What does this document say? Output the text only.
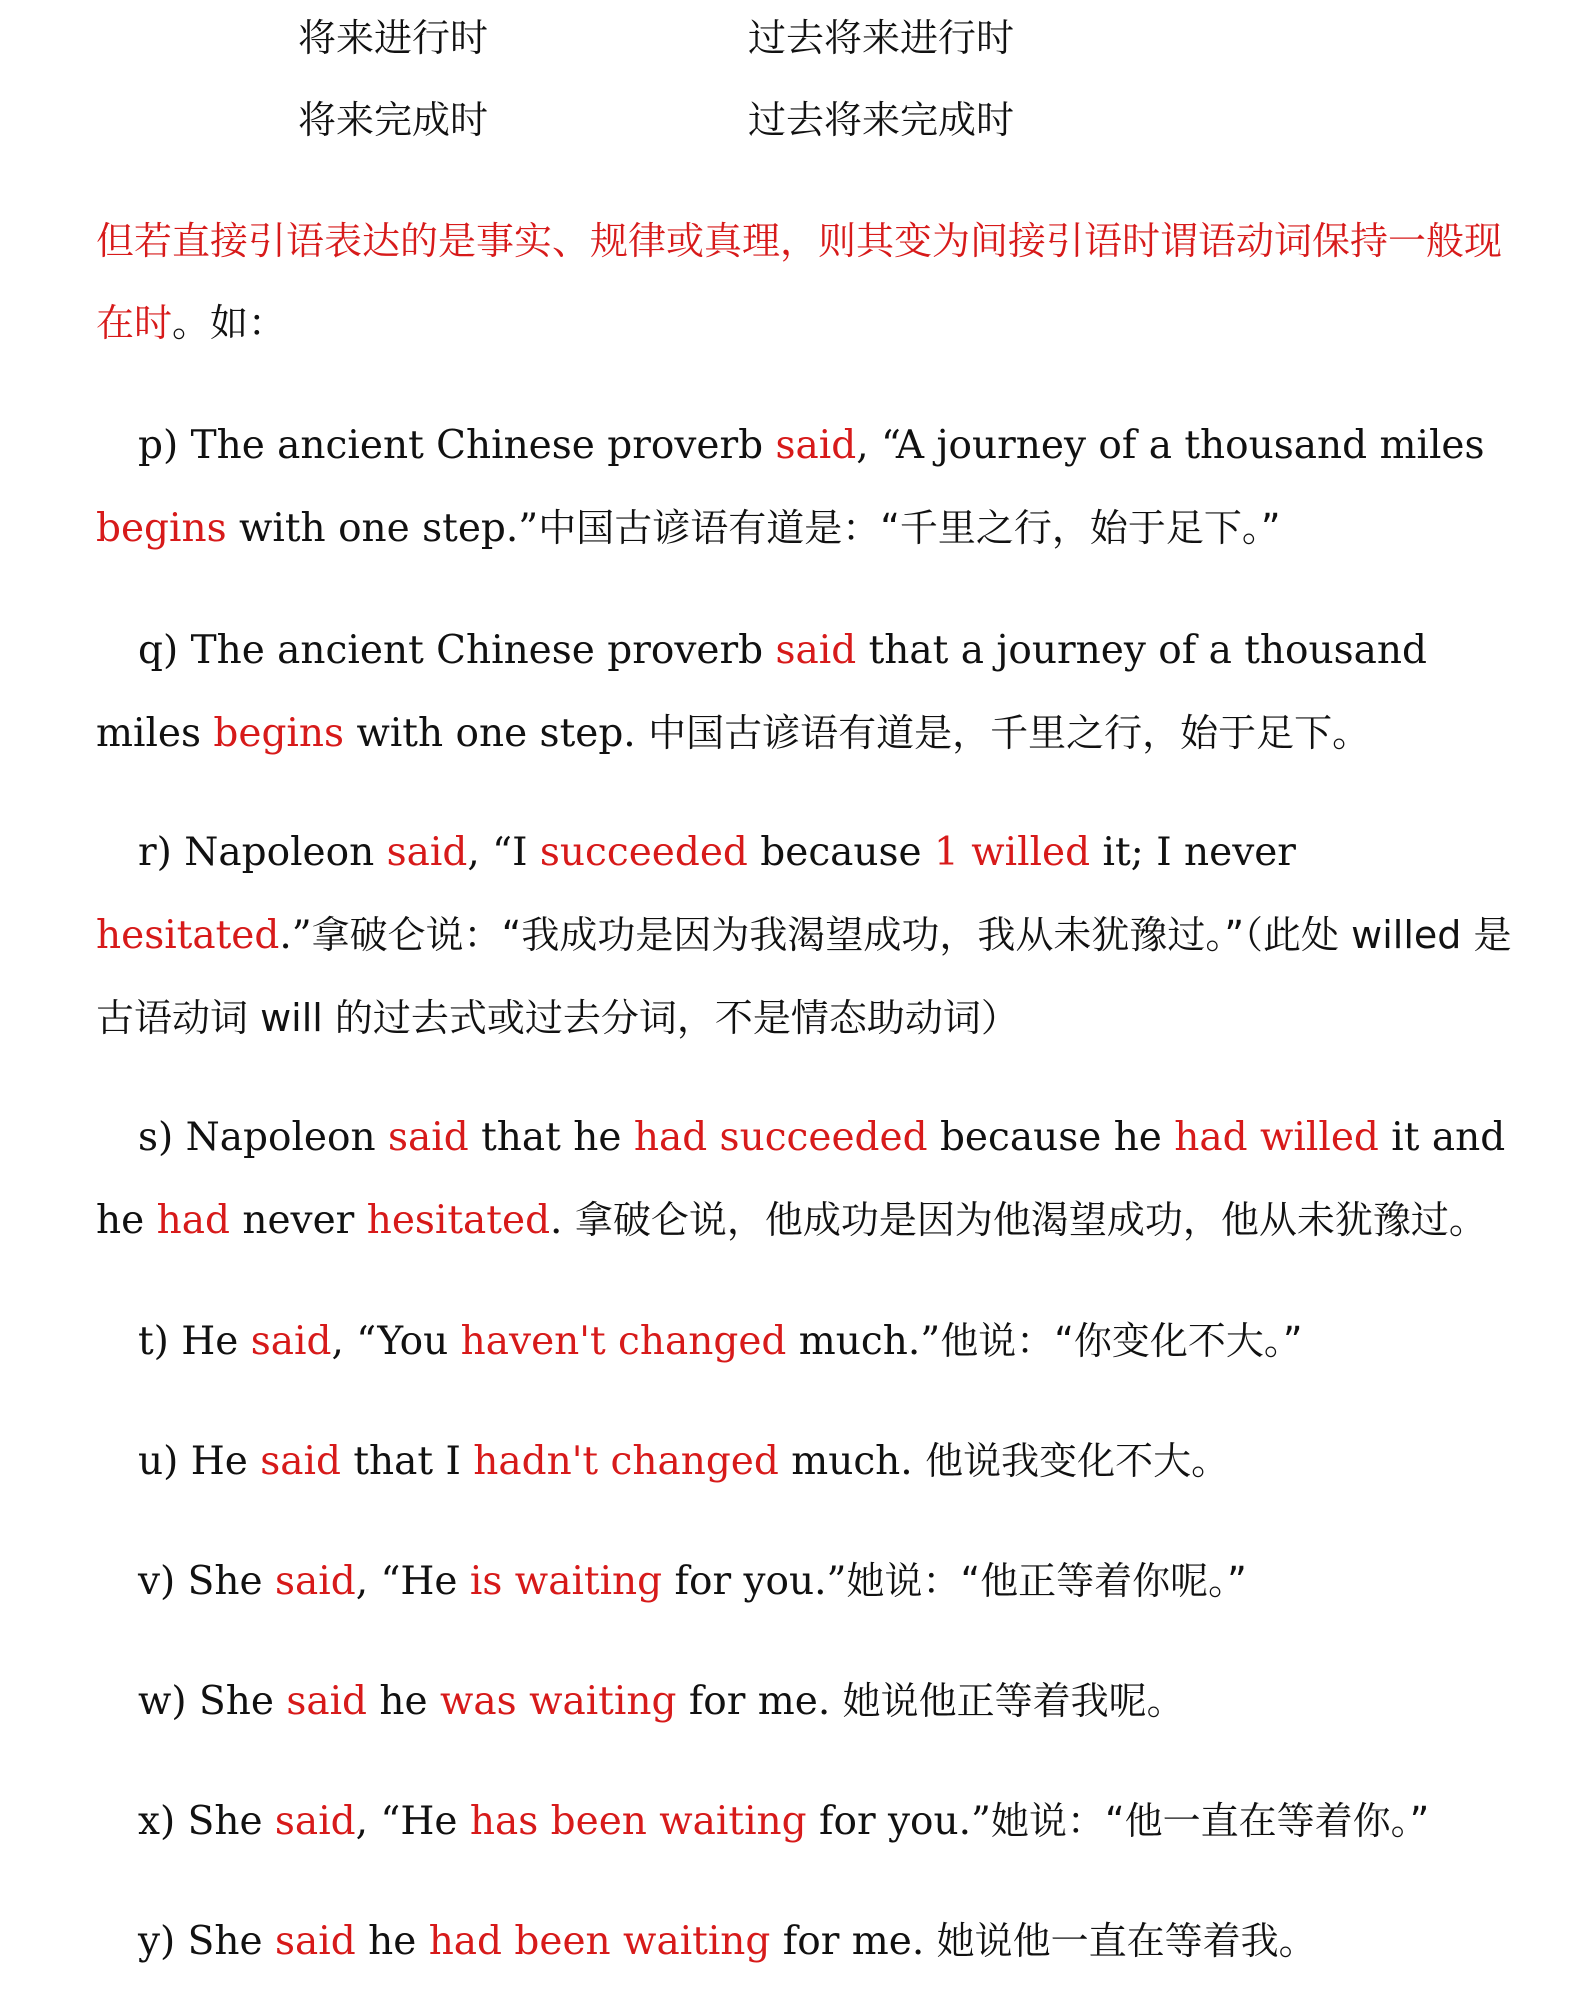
将来进行时	过去将来进行时
将来完成时	过去将来完成时

但若直接引语表达的是事实、规律或真理，则其变为间接引语时谓语动词保持一般现在时。如：

p) The ancient Chinese proverb said, “A journey of a thousand miles begins with one step.”中国古谚语有道是：“千里之行，始于足下。”

q) The ancient Chinese proverb said that a journey of a thousand miles begins with one step. 中国古谚语有道是，千里之行，始于足下。

r) Napoleon said, “I succeeded because 1 willed it; I never hesitated.”拿破仑说：“我成功是因为我渴望成功，我从未犹豫过。”（此处 willed 是古语动词 will 的过去式或过去分词，不是情态助动词）

s) Napoleon said that he had succeeded because he had willed it and he had never hesitated. 拿破仑说，他成功是因为他渴望成功，他从未犹豫过。

t) He said, “You haven't changed much.”他说：“你变化不大。”

u) He said that I hadn't changed much. 他说我变化不大。

v) She said, “He is waiting for you.”她说：“他正等着你呢。”

w) She said he was waiting for me. 她说他正等着我呢。

x) She said, “He has been waiting for you.”她说：“他一直在等着你。”

y) She said he had been waiting for me. 她说他一直在等着我。
